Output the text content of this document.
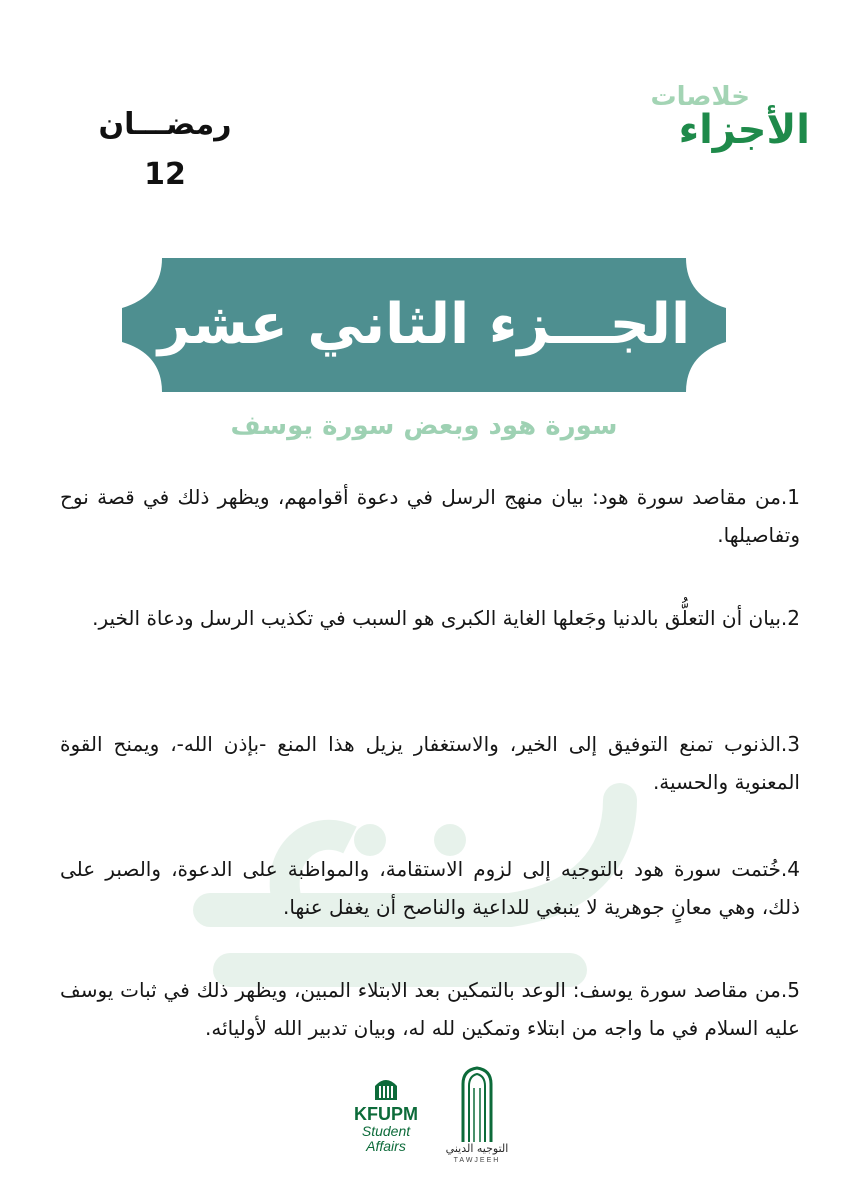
رمضـــان 12
خلاصات
الأجزاء
الجـــزء الثاني عشر
سورة هود وبعض سورة يوسف
1.من مقاصد سورة هود: بيان منهج الرسل في دعوة أقوامهم، ويظهر ذلك في قصة نوح وتفاصيلها.
2.بيان أن التعلُّق بالدنيا وجَعلها الغاية الكبرى هو السبب في تكذيب الرسل ودعاة الخير.
3.الذنوب تمنع التوفيق إلى الخير، والاستغفار يزيل هذا المنع -بإذن الله-، ويمنح القوة المعنوية والحسية.
4.خُتمت سورة هود بالتوجيه إلى لزوم الاستقامة، والمواظبة على الدعوة، والصبر على ذلك، وهي معانٍ جوهرية لا ينبغي للداعية والناصح أن يغفل عنها.
5.من مقاصد سورة يوسف: الوعد بالتمكين بعد الابتلاء المبين، ويظهر ذلك في ثبات يوسف عليه السلام في ما واجه من ابتلاء وتمكين لله له، وبيان تدبير الله لأوليائه.
KFUPM
Student
Affairs	التوجيه الديني
TAWJEEH
